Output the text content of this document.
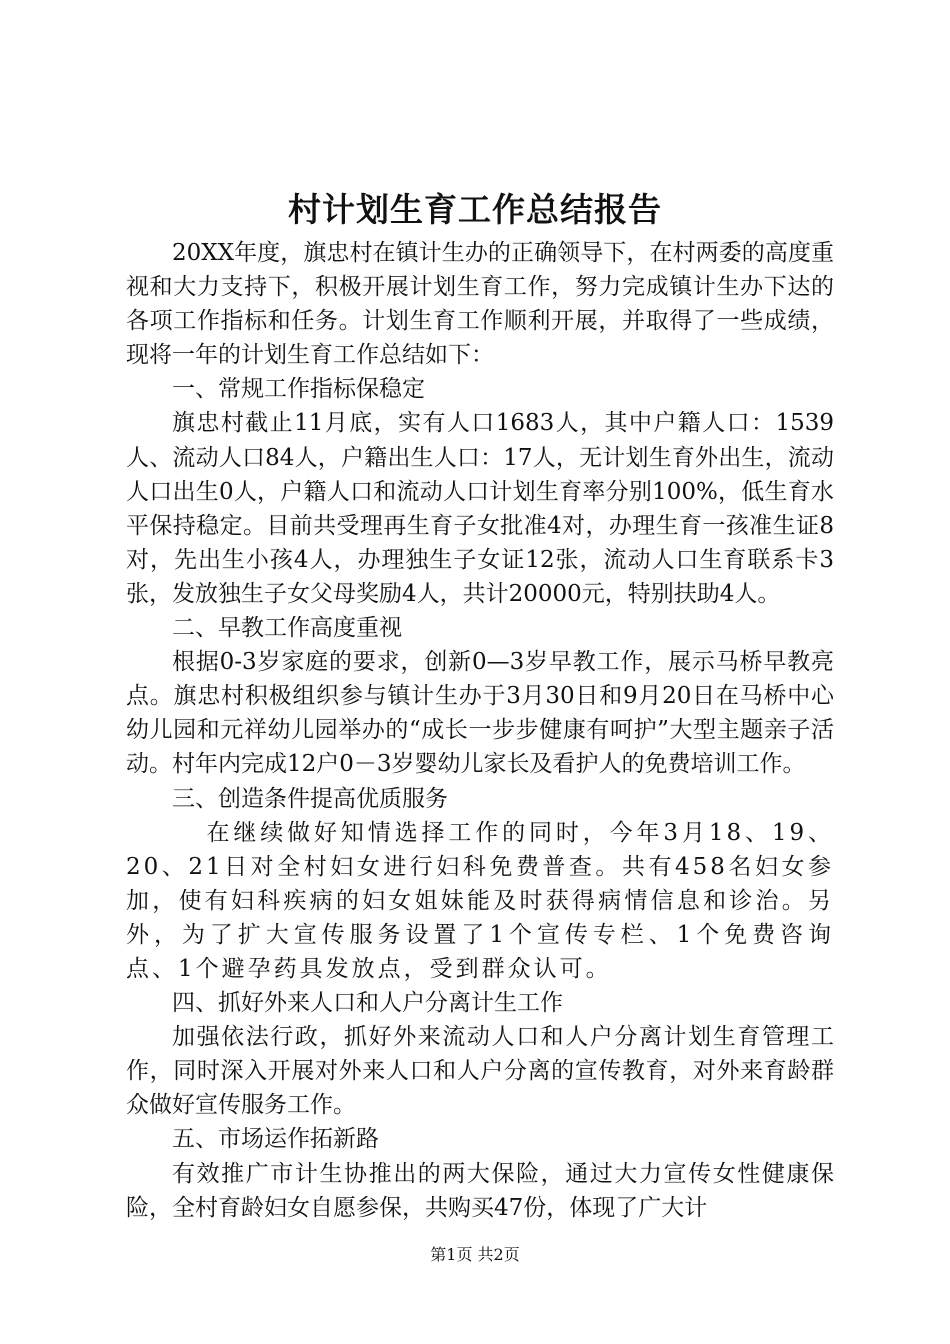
村计划生育工作总结报告

20XX年度，旗忠村在镇计生办的正确领导下，在村两委的高度重视和大力支持下，积极开展计划生育工作，努力完成镇计生办下达的各项工作指标和任务。计划生育工作顺利开展，并取得了一些成绩，现将一年的计划生育工作总结如下：

一、常规工作指标保稳定

旗忠村截止11月底，实有人口1683人，其中户籍人口：1539人、流动人口84人，户籍出生人口：17人，无计划生育外出生，流动人口出生0人，户籍人口和流动人口计划生育率分别100%，低生育水平保持稳定。目前共受理再生育子女批准4对，办理生育一孩准生证8对，先出生小孩4人，办理独生子女证12张，流动人口生育联系卡3张，发放独生子女父母奖励4人，共计20000元，特别扶助4人。

二、早教工作高度重视

根据0-3岁家庭的要求，创新0—3岁早教工作，展示马桥早教亮点。旗忠村积极组织参与镇计生办于3月30日和9月20日在马桥中心幼儿园和元祥幼儿园举办的“成长一步步健康有呵护”大型主题亲子活动。村年内完成12户0－3岁婴幼儿家长及看护人的免费培训工作。

三、创造条件提高优质服务

在继续做好知情选择工作的同时，今年3月18、19、20、21日对全村妇女进行妇科免费普查。共有458名妇女参加，使有妇科疾病的妇女姐妹能及时获得病情信息和诊治。另外，为了扩大宣传服务设置了1个宣传专栏、1个免费咨询点、1个避孕药具发放点，受到群众认可。

四、抓好外来人口和人户分离计生工作

加强依法行政，抓好外来流动人口和人户分离计划生育管理工作，同时深入开展对外来人口和人户分离的宣传教育，对外来育龄群众做好宣传服务工作。

五、市场运作拓新路

有效推广市计生协推出的两大保险，通过大力宣传女性健康保险，全村育龄妇女自愿参保，共购买47份，体现了广大计

第1页 共2页
